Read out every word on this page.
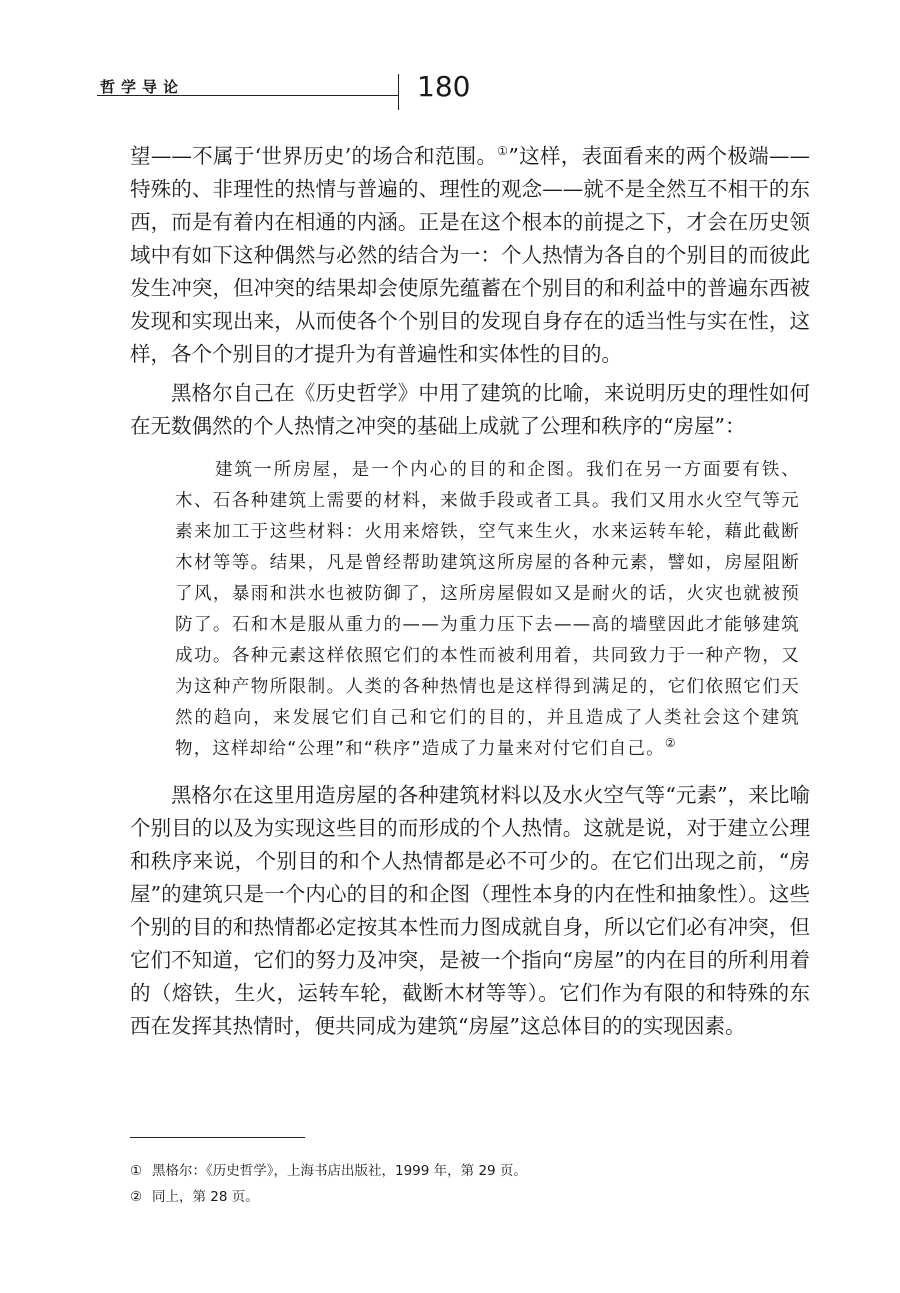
哲学导论	180

望——不属于‘世界历史’的场合和范围。①”这样，表面看来的两个极端——特殊的、非理性的热情与普遍的、理性的观念——就不是全然互不相干的东西，而是有着内在相通的内涵。正是在这个根本的前提之下，才会在历史领域中有如下这种偶然与必然的结合为一：个人热情为各自的个别目的而彼此发生冲突，但冲突的结果却会使原先蕴蓄在个别目的和利益中的普遍东西被发现和实现出来，从而使各个个别目的发现自身存在的适当性与实在性，这样，各个个别目的才提升为有普遍性和实体性的目的。

黑格尔自己在《历史哲学》中用了建筑的比喻，来说明历史的理性如何在无数偶然的个人热情之冲突的基础上成就了公理和秩序的“房屋”：

建筑一所房屋，是一个内心的目的和企图。我们在另一方面要有铁、木、石各种建筑上需要的材料，来做手段或者工具。我们又用水火空气等元素来加工于这些材料：火用来熔铁，空气来生火，水来运转车轮，藉此截断木材等等。结果，凡是曾经帮助建筑这所房屋的各种元素，譬如，房屋阻断了风，暴雨和洪水也被防御了，这所房屋假如又是耐火的话，火灾也就被预防了。石和木是服从重力的——为重力压下去——高的墙壁因此才能够建筑成功。各种元素这样依照它们的本性而被利用着，共同致力于一种产物，又为这种产物所限制。人类的各种热情也是这样得到满足的，它们依照它们天然的趋向，来发展它们自己和它们的目的，并且造成了人类社会这个建筑物，这样却给“公理”和“秩序”造成了力量来对付它们自己。②

黑格尔在这里用造房屋的各种建筑材料以及水火空气等“元素”，来比喻个别目的以及为实现这些目的而形成的个人热情。这就是说，对于建立公理和秩序来说，个别目的和个人热情都是必不可少的。在它们出现之前，“房屋”的建筑只是一个内心的目的和企图（理性本身的内在性和抽象性）。这些个别的目的和热情都必定按其本性而力图成就自身，所以它们必有冲突，但它们不知道，它们的努力及冲突，是被一个指向“房屋”的内在目的所利用着的（熔铁，生火，运转车轮，截断木材等等）。它们作为有限的和特殊的东西在发挥其热情时，便共同成为建筑“房屋”这总体目的的实现因素。

① 黑格尔：《历史哲学》，上海书店出版社，1999 年，第 29 页。
② 同上，第 28 页。
